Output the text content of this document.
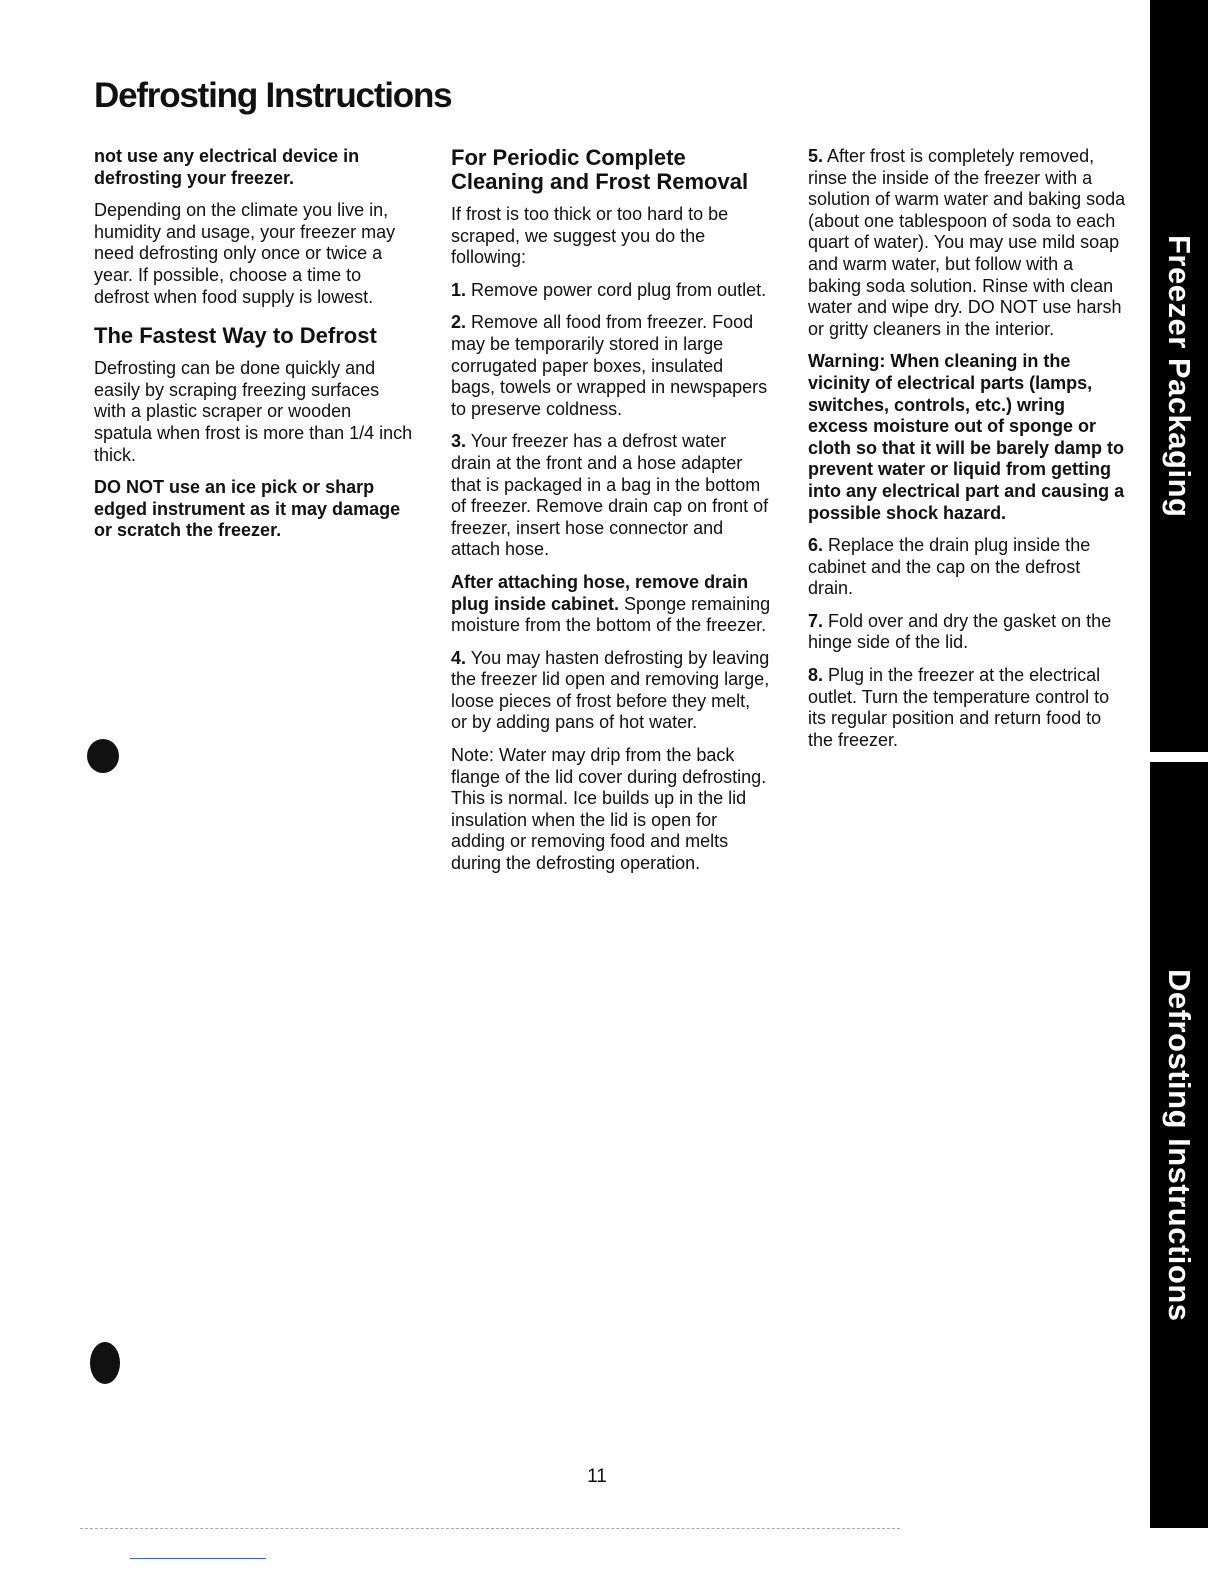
Defrosting Instructions

not use any electrical device in defrosting your freezer.

Depending on the climate you live in, humidity and usage, your freezer may need defrosting only once or twice a year. If possible, choose a time to defrost when food supply is lowest.

The Fastest Way to Defrost

Defrosting can be done quickly and easily by scraping freezing surfaces with a plastic scraper or wooden spatula when frost is more than 1/4 inch thick.

DO NOT use an ice pick or sharp edged instrument as it may damage or scratch the freezer.

For Periodic Complete Cleaning and Frost Removal

If frost is too thick or too hard to be scraped, we suggest you do the following:

1. Remove power cord plug from outlet.

2. Remove all food from freezer. Food may be temporarily stored in large corrugated paper boxes, insulated bags, towels or wrapped in newspapers to preserve coldness.

3. Your freezer has a defrost water drain at the front and a hose adapter that is packaged in a bag in the bottom of freezer. Remove drain cap on front of freezer, insert hose connector and attach hose.

After attaching hose, remove drain plug inside cabinet. Sponge remaining moisture from the bottom of the freezer.

4. You may hasten defrosting by leaving the freezer lid open and removing large, loose pieces of frost before they melt, or by adding pans of hot water.

Note: Water may drip from the back flange of the lid cover during defrosting. This is normal. Ice builds up in the lid insulation when the lid is open for adding or removing food and melts during the defrosting operation.

5. After frost is completely removed, rinse the inside of the freezer with a solution of warm water and baking soda (about one tablespoon of soda to each quart of water). You may use mild soap and warm water, but follow with a baking soda solution. Rinse with clean water and wipe dry. DO NOT use harsh or gritty cleaners in the interior.

Warning: When cleaning in the vicinity of electrical parts (lamps, switches, controls, etc.) wring excess moisture out of sponge or cloth so that it will be barely damp to prevent water or liquid from getting into any electrical part and causing a possible shock hazard.

6. Replace the drain plug inside the cabinet and the cap on the defrost drain.

7. Fold over and dry the gasket on the hinge side of the lid.

8. Plug in the freezer at the electrical outlet. Turn the temperature control to its regular position and return food to the freezer.

Freezer Packaging
Defrosting Instructions
11
